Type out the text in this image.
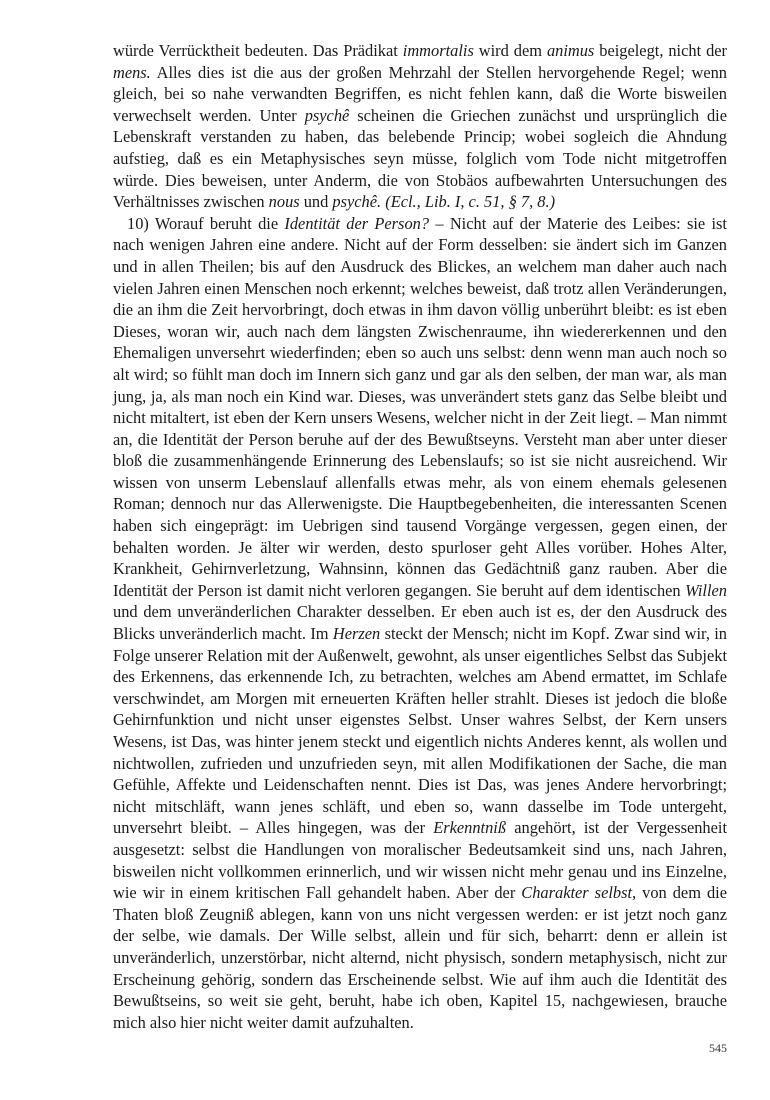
würde Verrücktheit bedeuten. Das Prädikat immortalis wird dem animus beigelegt, nicht der mens. Alles dies ist die aus der großen Mehrzahl der Stellen hervorgehende Regel; wenn gleich, bei so nahe verwandten Begriffen, es nicht fehlen kann, daß die Worte bisweilen verwechselt werden. Unter psychê scheinen die Griechen zunächst und ursprünglich die Lebenskraft verstanden zu haben, das belebende Princip; wobei sogleich die Ahndung aufstieg, daß es ein Metaphysisches seyn müsse, folglich vom Tode nicht mitgetroffen würde. Dies beweisen, unter Anderm, die von Stobäos aufbewahrten Untersuchungen des Verhältnisses zwischen nous und psychê. (Ecl., Lib. I, c. 51, § 7, 8.)

10) Worauf beruht die Identität der Person? – Nicht auf der Materie des Leibes: sie ist nach wenigen Jahren eine andere. Nicht auf der Form desselben: sie ändert sich im Ganzen und in allen Theilen; bis auf den Ausdruck des Blickes, an welchem man daher auch nach vielen Jahren einen Menschen noch erkennt; welches beweist, daß trotz allen Veränderungen, die an ihm die Zeit hervorbringt, doch etwas in ihm davon völlig unberührt bleibt: es ist eben Dieses, woran wir, auch nach dem längsten Zwischenraume, ihn wiedererkennen und den Ehemaligen unversehrt wiederfinden; eben so auch uns selbst: denn wenn man auch noch so alt wird; so fühlt man doch im Innern sich ganz und gar als den selben, der man war, als man jung, ja, als man noch ein Kind war. Dieses, was unverändert stets ganz das Selbe bleibt und nicht mitaltert, ist eben der Kern unsers Wesens, welcher nicht in der Zeit liegt. – Man nimmt an, die Identität der Person beruhe auf der des Bewußtseyns. Versteht man aber unter dieser bloß die zusammenhängende Erinnerung des Lebenslaufs; so ist sie nicht ausreichend. Wir wissen von unserm Lebenslauf allenfalls etwas mehr, als von einem ehemals gelesenen Roman; dennoch nur das Allerwenigste. Die Hauptbegebenheiten, die interessanten Scenen haben sich eingeprägt: im Uebrigen sind tausend Vorgänge vergessen, gegen einen, der behalten worden. Je älter wir werden, desto spurloser geht Alles vorüber. Hohes Alter, Krankheit, Gehirnverletzung, Wahnsinn, können das Gedächtniß ganz rauben. Aber die Identität der Person ist damit nicht verloren gegangen. Sie beruht auf dem identischen Willen und dem unveränderlichen Charakter desselben. Er eben auch ist es, der den Ausdruck des Blicks unveränderlich macht. Im Herzen steckt der Mensch; nicht im Kopf. Zwar sind wir, in Folge unserer Relation mit der Außenwelt, gewohnt, als unser eigentliches Selbst das Subjekt des Erkennens, das erkennende Ich, zu betrachten, welches am Abend ermattet, im Schlafe verschwindet, am Morgen mit erneuerten Kräften heller strahlt. Dieses ist jedoch die bloße Gehirnfunktion und nicht unser eigenstes Selbst. Unser wahres Selbst, der Kern unsers Wesens, ist Das, was hinter jenem steckt und eigentlich nichts Anderes kennt, als wollen und nichtwollen, zufrieden und unzufrieden seyn, mit allen Modifikationen der Sache, die man Gefühle, Affekte und Leidenschaften nennt. Dies ist Das, was jenes Andere hervorbringt; nicht mitschläft, wann jenes schläft, und eben so, wann dasselbe im Tode untergeht, unversehrt bleibt. – Alles hingegen, was der Erkenntniß angehört, ist der Vergessenheit ausgesetzt: selbst die Handlungen von moralischer Bedeutsamkeit sind uns, nach Jahren, bisweilen nicht vollkommen erinnerlich, und wir wissen nicht mehr genau und ins Einzelne, wie wir in einem kritischen Fall gehandelt haben. Aber der Charakter selbst, von dem die Thaten bloß Zeugniß ablegen, kann von uns nicht vergessen werden: er ist jetzt noch ganz der selbe, wie damals. Der Wille selbst, allein und für sich, beharrt: denn er allein ist unveränderlich, unzerstörbar, nicht alternd, nicht physisch, sondern metaphysisch, nicht zur Erscheinung gehörig, sondern das Erscheinende selbst. Wie auf ihm auch die Identität des Bewußtseins, so weit sie geht, beruht, habe ich oben, Kapitel 15, nachgewiesen, brauche mich also hier nicht weiter damit aufzuhalten.

545
